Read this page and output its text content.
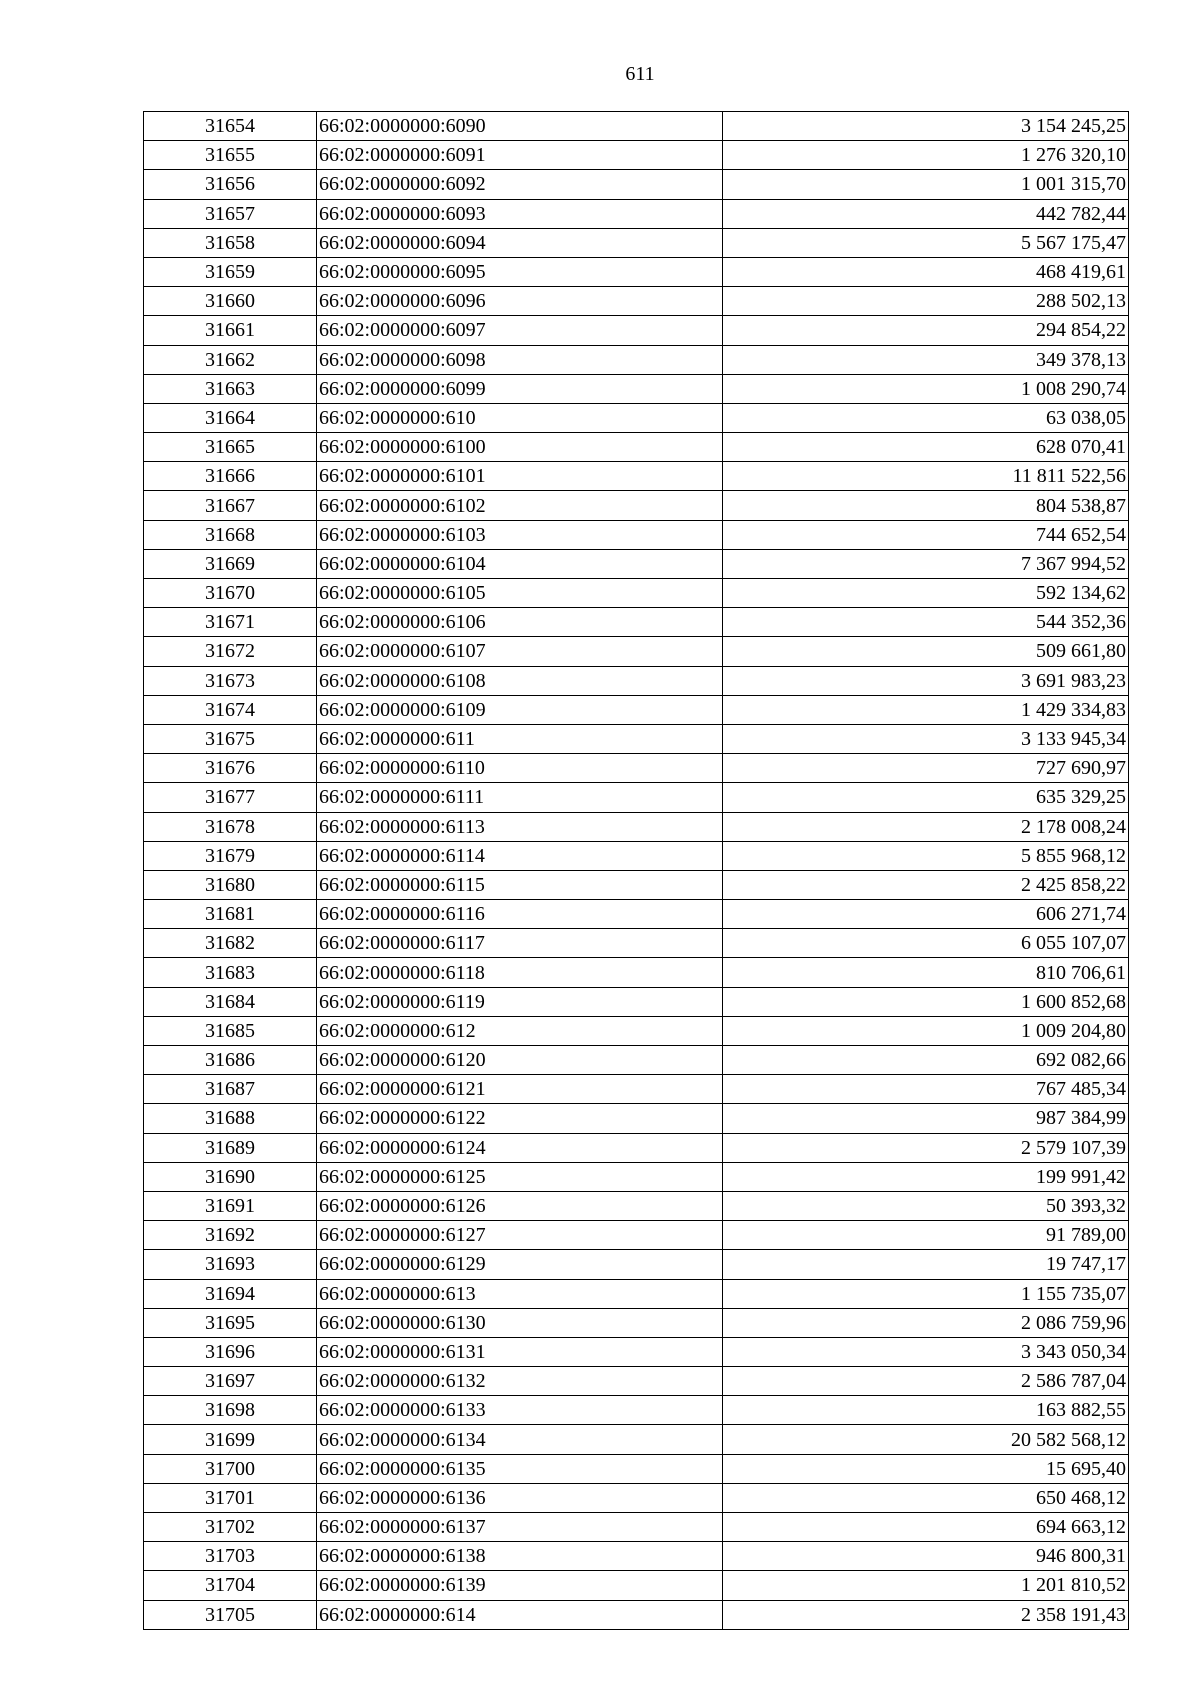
611
31654	66:02:0000000:6090	3 154 245,25
31655	66:02:0000000:6091	1 276 320,10
31656	66:02:0000000:6092	1 001 315,70
31657	66:02:0000000:6093	442 782,44
31658	66:02:0000000:6094	5 567 175,47
31659	66:02:0000000:6095	468 419,61
31660	66:02:0000000:6096	288 502,13
31661	66:02:0000000:6097	294 854,22
31662	66:02:0000000:6098	349 378,13
31663	66:02:0000000:6099	1 008 290,74
31664	66:02:0000000:610	63 038,05
31665	66:02:0000000:6100	628 070,41
31666	66:02:0000000:6101	11 811 522,56
31667	66:02:0000000:6102	804 538,87
31668	66:02:0000000:6103	744 652,54
31669	66:02:0000000:6104	7 367 994,52
31670	66:02:0000000:6105	592 134,62
31671	66:02:0000000:6106	544 352,36
31672	66:02:0000000:6107	509 661,80
31673	66:02:0000000:6108	3 691 983,23
31674	66:02:0000000:6109	1 429 334,83
31675	66:02:0000000:611	3 133 945,34
31676	66:02:0000000:6110	727 690,97
31677	66:02:0000000:6111	635 329,25
31678	66:02:0000000:6113	2 178 008,24
31679	66:02:0000000:6114	5 855 968,12
31680	66:02:0000000:6115	2 425 858,22
31681	66:02:0000000:6116	606 271,74
31682	66:02:0000000:6117	6 055 107,07
31683	66:02:0000000:6118	810 706,61
31684	66:02:0000000:6119	1 600 852,68
31685	66:02:0000000:612	1 009 204,80
31686	66:02:0000000:6120	692 082,66
31687	66:02:0000000:6121	767 485,34
31688	66:02:0000000:6122	987 384,99
31689	66:02:0000000:6124	2 579 107,39
31690	66:02:0000000:6125	199 991,42
31691	66:02:0000000:6126	50 393,32
31692	66:02:0000000:6127	91 789,00
31693	66:02:0000000:6129	19 747,17
31694	66:02:0000000:613	1 155 735,07
31695	66:02:0000000:6130	2 086 759,96
31696	66:02:0000000:6131	3 343 050,34
31697	66:02:0000000:6132	2 586 787,04
31698	66:02:0000000:6133	163 882,55
31699	66:02:0000000:6134	20 582 568,12
31700	66:02:0000000:6135	15 695,40
31701	66:02:0000000:6136	650 468,12
31702	66:02:0000000:6137	694 663,12
31703	66:02:0000000:6138	946 800,31
31704	66:02:0000000:6139	1 201 810,52
31705	66:02:0000000:614	2 358 191,43
